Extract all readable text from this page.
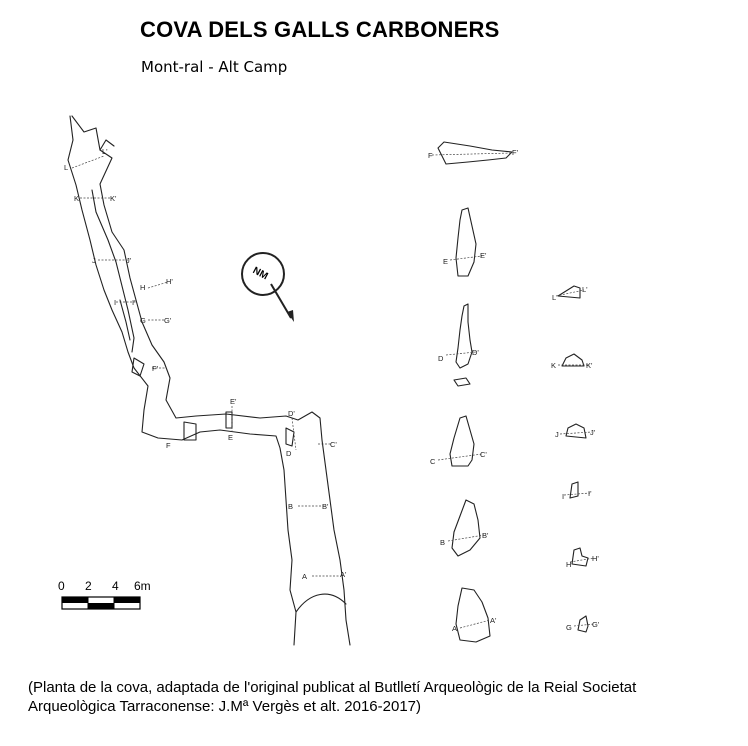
COVA DELS GALLS CARBONERS
Mont-ral - Alt Camp
L
L'
K	K'
J	J'
H
H'
I I'
G G'
F'
F
E'
E
D'
D
C'
B	B'
A	A'
NM
0 2 4 6m
F	F'
E
E'
D
D'
C
C'
B
B'
A
A'
L
L'
K	K'
J	J'
I	I'
H
H'
G	G'
(Planta de la cova, adaptada de l'original publicat al Butlletí Arqueològic de la Reial Societat
Arqueològica Tarraconense: J.Mª Vergès et alt. 2016-2017)
